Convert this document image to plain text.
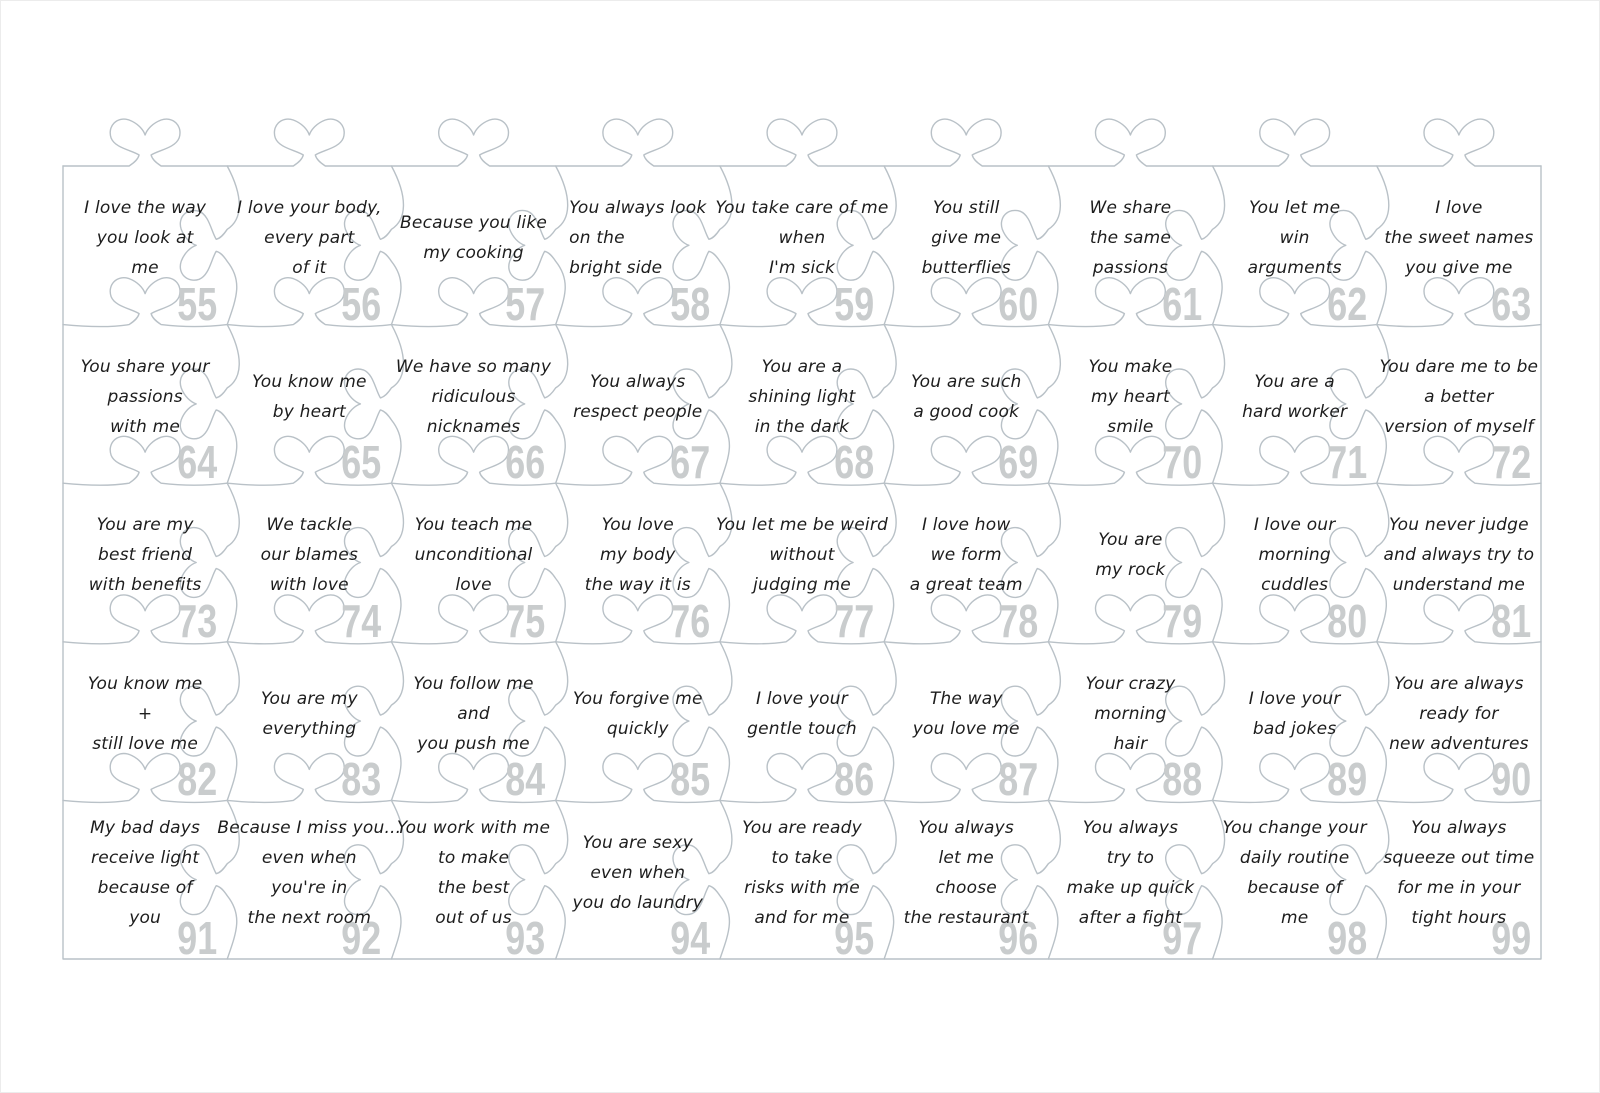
55
I love the way
you look at
me
56
I love your body,
every part
of it
57
Because you like
my cooking
58
You always look
on the
bright side
59
You take care of me
when
I'm sick
60
You still
give me
butterflies
61
We share
the same
passions
62
You let me
win
arguments
63
I love
the sweet names
you give me
64
You share your
passions
with me
65
You know me
by heart
66
We have so many
ridiculous
nicknames
67
You always
respect people
68
You are a
shining light
in the dark
69
You are such
a good cook
70
You make
my heart
smile
71
You are a
hard worker
72
You dare me to be
a better
version of myself
73
You are my
best friend
with benefits
74
We tackle
our blames
with love
75
You teach me
unconditional
love
76
You love
my body
the way it is
77
You let me be weird
without
judging me
78
I love how
we form
a great team
79
You are
my rock
80
I love our
morning
cuddles
81
You never judge
and always try to
understand me
82
You know me
+
still love me
83
You are my
everything
84
You follow me
and
you push me
85
You forgive me
quickly
86
I love your
gentle touch
87
The way
you love me
88
Your crazy
morning
hair
89
I love your
bad jokes
90
You are always
ready for
new adventures
91
My bad days
receive light
because of
you	92
Because I miss you...
even when
you're in
the next room	93
You work with me
to make
the best
out of us	94
You are sexy
even when
you do laundry
95
You are ready
to take
risks with me
and for me	96
You always
let me
choose
the restaurant	97
You always
try to
make up quick
after a fight	98
You change your
daily routine
because of
me	99
You always
squeeze out time
for me in your
tight hours
